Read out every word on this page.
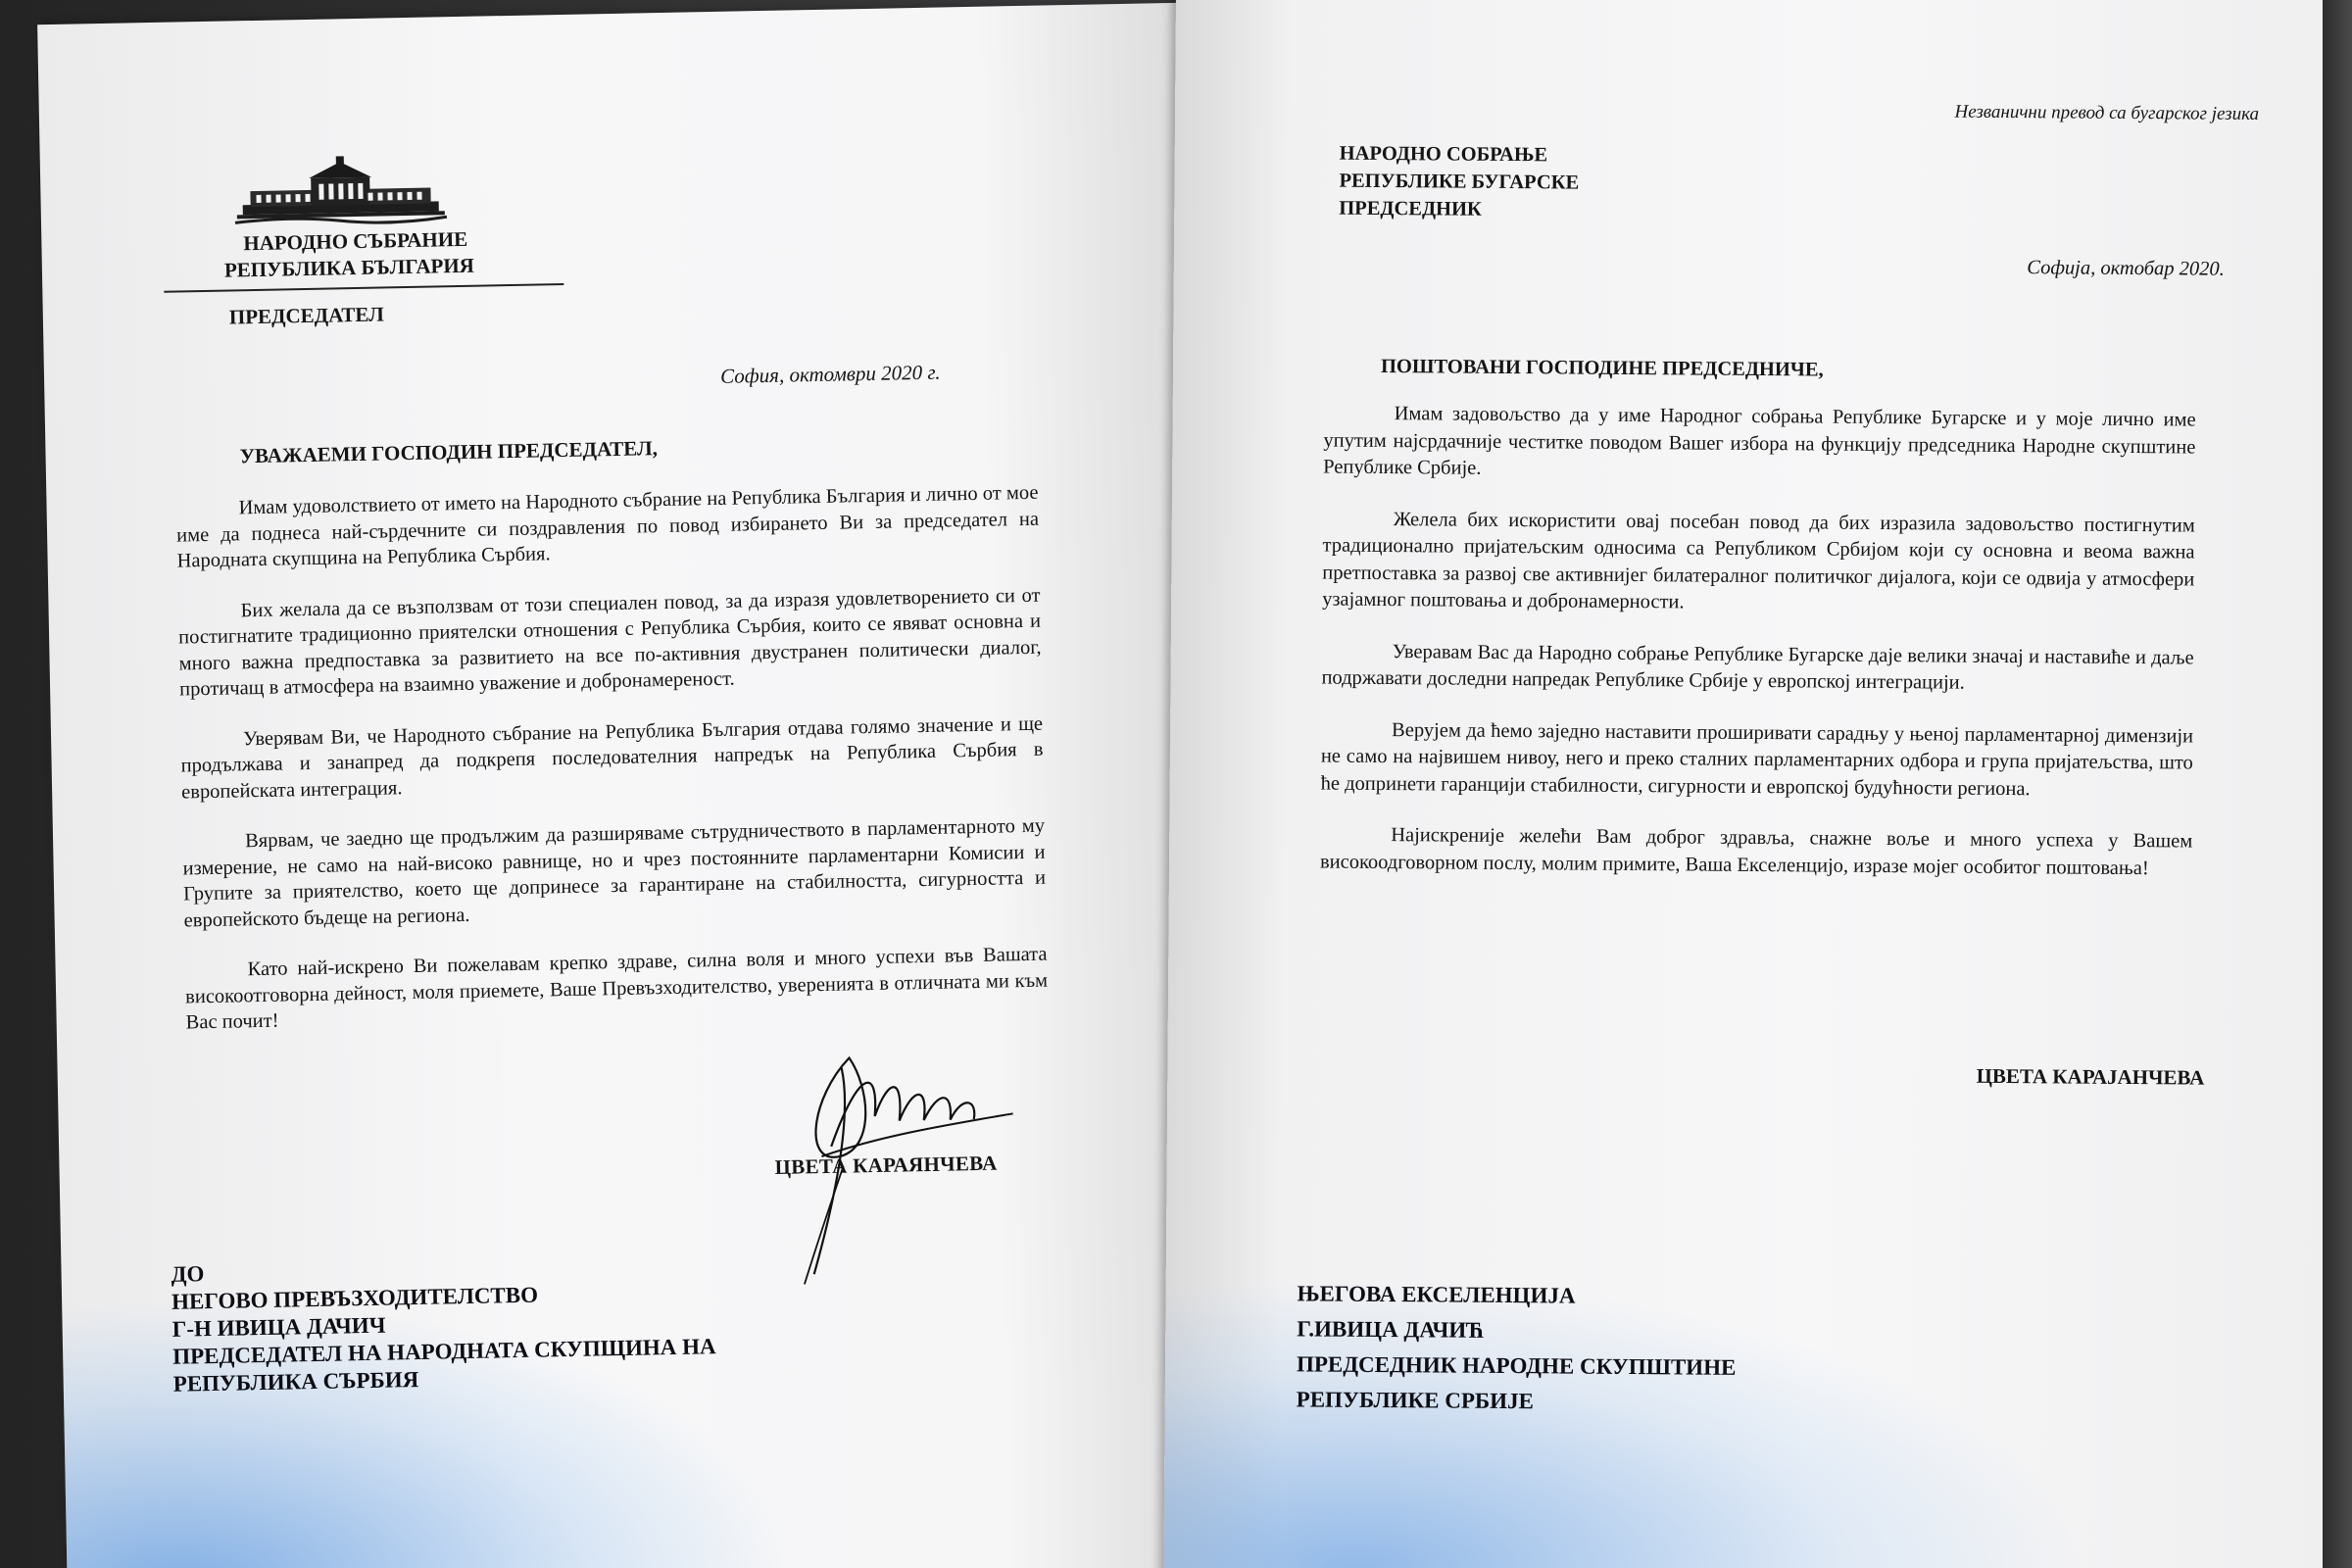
НАРОДНО СЪБРАНИЕ
РЕПУБЛИКА БЪЛГАРИЯ
ПРЕДСЕДАТЕЛ
София, октомври 2020 г.
УВАЖАЕМИ ГОСПОДИН ПРЕДСЕДАТЕЛ,

Имам удоволствието от името на Народното събрание на Република България и лично от мое име да поднеса най-сърдечните си поздравления по повод избирането Ви за председател на Народната скупщина на Република Сърбия.

Бих желала да се възползвам от този специален повод, за да изразя удовлетворението си от постигнатите традиционно приятелски отношения с Република Сърбия, които се явяват основна и много важна предпоставка за развитието на все по-активния двустранен политически диалог, протичащ в атмосфера на взаимно уважение и добронамереност.

Уверявам Ви, че Народното събрание на Република България отдава голямо значение и ще продължава и занапред да подкрепя последователния напредък на Република Сърбия в европейската интеграция.

Вярвам, че заедно ще продължим да разширяваме сътрудничеството в парламентарното му измерение, не само на най-високо равнище, но и чрез постоянните парламентарни Комисии и Групите за приятелство, което ще допринесе за гарантиране на стабилността, сигурността и европейското бъдеще на региона.

Като най-искрено Ви пожелавам крепко здраве, силна воля и много успехи във Вашата високоотговорна дейност, моля приемете, Ваше Превъзходителство, уверенията в отличната ми към Вас почит!

ЦВЕТА КАРАЯНЧЕВА
ДО
НЕГОВО ПРЕВЪЗХОДИТЕЛСТВО
Г-Н ИВИЦА ДАЧИЧ
ПРЕДСЕДАТЕЛ НА НАРОДНАТА СКУПЩИНА НА
РЕПУБЛИКА СЪРБИЯ
Незванични превод са бугарског језика
НАРОДНО СОБРАЊЕ
РЕПУБЛИКЕ БУГАРСКЕ
ПРЕДСЕДНИК
Софија, октобар 2020.
ПОШТОВАНИ ГОСПОДИНЕ ПРЕДСЕДНИЧЕ,

Имам задовољство да у име Народног собрања Републике Бугарске и у моје лично име упутим најсрдачније честитке поводом Вашег избора на функцију председника Народне скупштине Републике Србије.

Желела бих искористити овај посебан повод да бих изразила задовољство постигнутим традиционално пријатељским односима са Републиком Србијом који су основна и веома важна претпоставка за развој све активнијег билатералног политичког дијалога, који се одвија у атмосфери узајамног поштовања и добронамерности.

Уверавам Вас да Народно собрање Републике Бугарске даје велики значај и наставиће и даље подржавати доследни напредак Републике Србије у европској интеграцији.

Верујем да ћемо заједно наставити проширивати сарадњу у њеној парламентарној димензији не само на највишем нивоу, него и преко сталних парламентарних одбора и група пријатељства, што ће допринети гаранцији стабилности, сигурности и европској будућности региона.

Најискреније желећи Вам доброг здравља, снажне воље и много успеха у Вашем високоодговорном послу, молим примите, Ваша Екселенцијо, изразе мојег особитог поштовања!

ЦВЕТА КАРАЈАНЧЕВА
ЊЕГОВА ЕКСЕЛЕНЦИЈА
Г.ИВИЦА ДАЧИЋ
ПРЕДСЕДНИК НАРОДНЕ СКУПШТИНЕ
РЕПУБЛИКЕ СРБИЈЕ
